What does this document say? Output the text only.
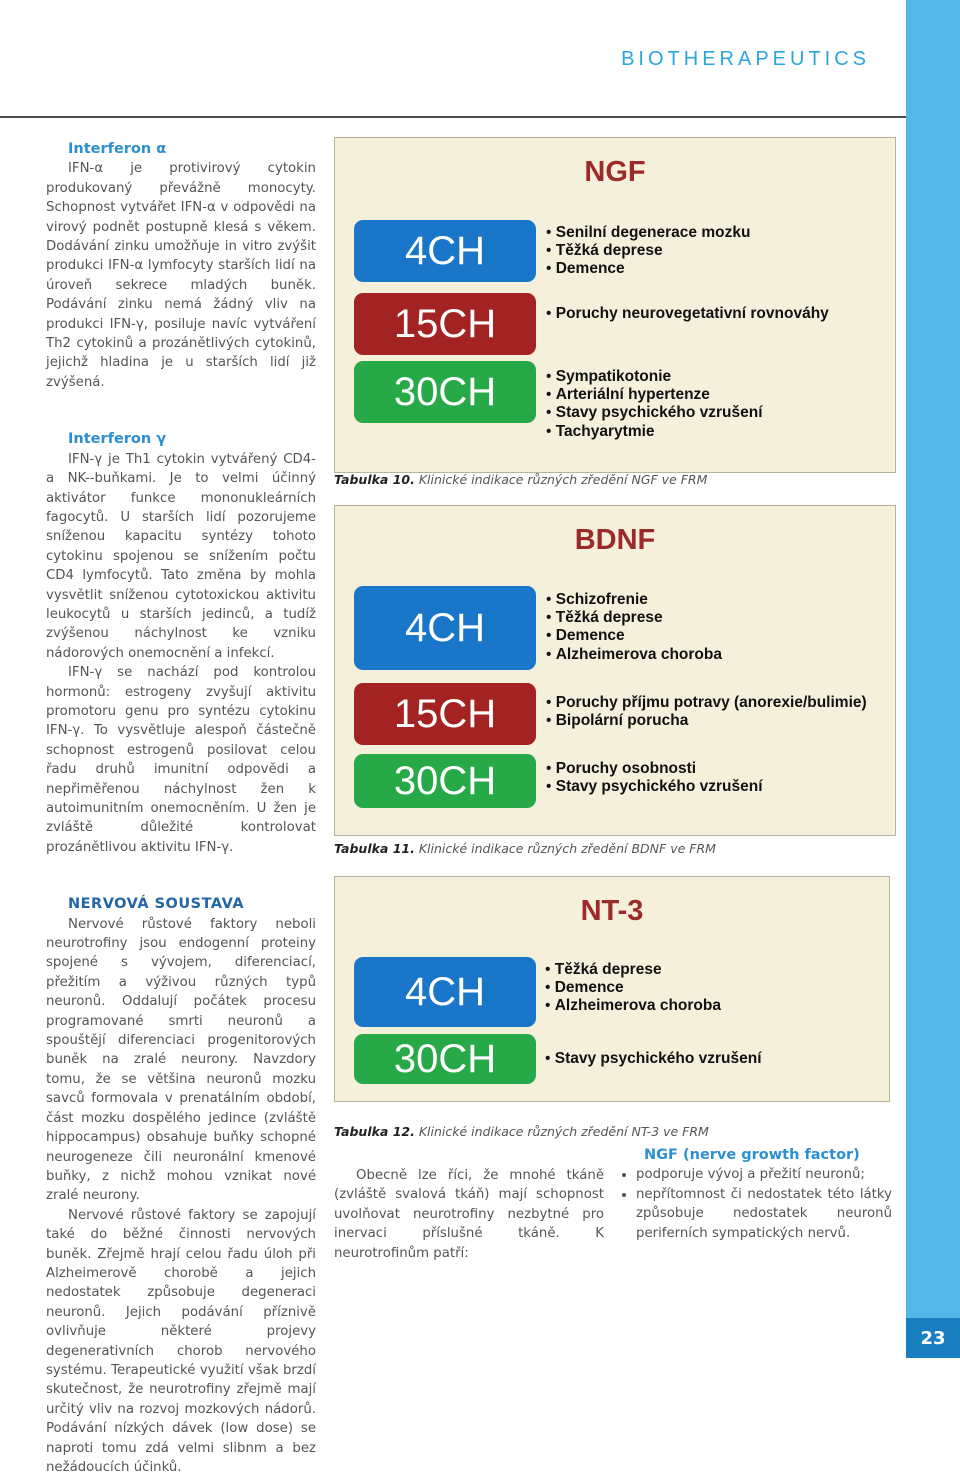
23
BIOTHERAPEUTICS
Interferon α

IFN-α je protivirový cytokin produkovaný převážně monocyty. Schopnost vytvářet IFN-α v odpovědi na virový podnět postupně klesá s věkem. Dodávání zinku umožňuje in vitro zvýšit produkci IFN-α lymfocyty starších lidí na úroveň sekrece mladých buněk. Podávání zinku nemá žádný vliv na produkci IFN-γ, posiluje navíc vytváření Th2 cytokinů a prozánětlivých cytokinů, jejichž hladina je u starších lidí již zvýšená.

Interferon γ

IFN-γ je Th1 cytokin vytvářený CD4- a NK--buňkami. Je to velmi účinný aktivátor funkce mononukleárních fagocytů. U starších lidí pozorujeme sníženou kapacitu syntézy tohoto cytokinu spojenou se snížením počtu CD4 lymfocytů. Tato změna by mohla vysvětlit sníženou cytotoxickou aktivitu leukocytů u starších jedinců, a tudíž zvýšenou náchylnost ke vzniku nádorových onemocnění a infekcí.

IFN-γ se nachází pod kontrolou hormonů: estrogeny zvyšují aktivitu promotoru genu pro syntézu cytokinu IFN-γ. To vysvětluje alespoň částečně schopnost estrogenů posilovat celou řadu druhů imunitní odpovědi a nepřiměřenou náchylnost žen k autoimunitním onemocněním. U žen je zvláště důležité kontrolovat prozánětlivou aktivitu IFN-γ.

NERVOVÁ SOUSTAVA

Nervové růstové faktory neboli neurotrofiny jsou endogenní proteiny spojené s vývojem, diferenciací, přežitím a výživou různých typů neuronů. Oddalují počátek procesu programované smrti neuronů a spouštějí diferenciaci progenitorových buněk na zralé neurony. Navzdory tomu, že se většina neuronů mozku savců formovala v prenatálním období, část mozku dospělého jedince (zvláště hippocampus) obsahuje buňky schopné neurogeneze čili neuronální kmenové buňky, z nichž mohou vznikat nové zralé neurony.

Nervové růstové faktory se zapojují také do běžné činnosti nervových buněk. Zřejmě hrají celou řadu úloh při Alzheimerově chorobě a jejich nedostatek způsobuje degeneraci neuronů. Jejich podávání příznivě ovlivňuje některé projevy degenerativních chorob nervového systému. Terapeutické využití však brzdí skutečnost, že neurotrofiny zřejmě mají určitý vliv na rozvoj mozkových nádorů. Podávání nízkých dávek (low dose) se naproti tomu zdá velmi slibnm a bez nežádoucích účinků.

NGF
4CH
15CH
30CH
• Senilní degenerace mozku
• Těžká deprese
• Demence
• Poruchy neurovegetativní rovnováhy
• Sympatikotonie
• Arteriální hypertenze
• Stavy psychického vzrušení
• Tachyarytmie
Tabulka 10. Klinické indikace různých zředění NGF ve FRM
BDNF
4CH
15CH
30CH
• Schizofrenie
• Těžká deprese
• Demence
• Alzheimerova choroba
• Poruchy příjmu potravy (anorexie/bulimie)
• Bipolární porucha
• Poruchy osobnosti
• Stavy psychického vzrušení
Tabulka 11. Klinické indikace různých zředění BDNF ve FRM
NT-3
4CH
30CH
• Těžká deprese
• Demence
• Alzheimerova choroba
• Stavy psychického vzrušení
Tabulka 12. Klinické indikace různých zředění NT-3 ve FRM

Obecně lze říci, že mnohé tkáně (zvláště svalová tkáň) mají schopnost uvolňovat neurotrofiny nezbytné pro inervaci příslušné tkáně. K neurotrofinům patří:

NGF (nerve growth factor)
• podporuje vývoj a přežití neuronů;
• nepřítomnost či nedostatek této látky způsobuje nedostatek neuronů periferních sympatických nervů.
